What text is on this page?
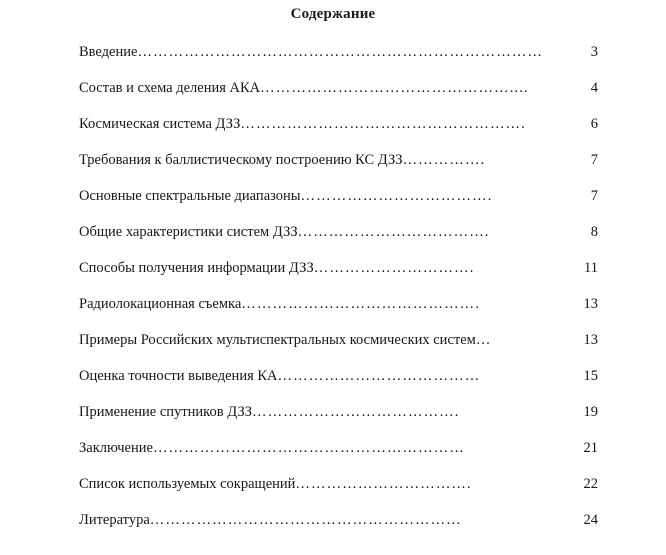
Содержание
Введение ……………………………………………………………………	3
Состав и схема деления АКА …………………………………………....	4
Космическая система ДЗЗ ……………………………………………….	6
Требования к баллистическому построению КС ДЗЗ …………….	7
Основные спектральные диапазоны ……………………………….	7
Общие характеристики систем ДЗЗ ……………………………….	8
Способы получения информации ДЗЗ ………………………….	11
Радиолокационная съемка ……………………………………….	13
Примеры Российских мультиспектральных космических систем …	13
Оценка точности выведения КА …………………………………	15
Применение спутников ДЗЗ ………………………………….	19
Заключение ……………………………………………………	21
Список используемых сокращений …………………………….	22
Литература ……………………………………………………	24
